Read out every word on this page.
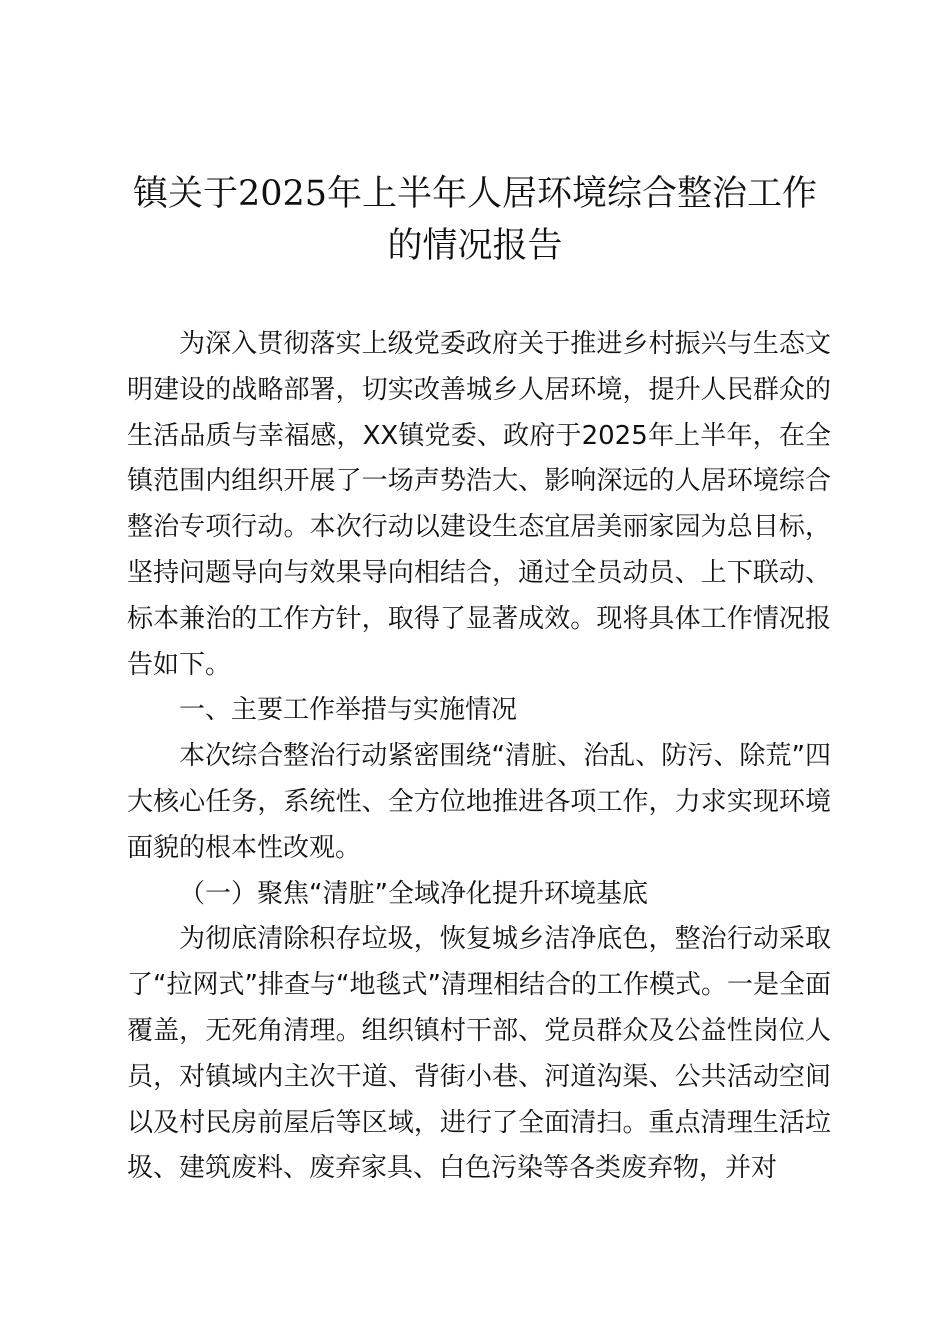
镇关于2025年上半年人居环境综合整治工作
的情况报告

为深入贯彻落实上级党委政府关于推进乡村振兴与生态文明建设的战略部署，切实改善城乡人居环境，提升人民群众的生活品质与幸福感，XX镇党委、政府于2025年上半年，在全镇范围内组织开展了一场声势浩大、影响深远的人居环境综合整治专项行动。本次行动以建设生态宜居美丽家园为总目标，坚持问题导向与效果导向相结合，通过全员动员、上下联动、标本兼治的工作方针，取得了显著成效。现将具体工作情况报告如下。

一、主要工作举措与实施情况

本次综合整治行动紧密围绕“清脏、治乱、防污、除荒”四大核心任务，系统性、全方位地推进各项工作，力求实现环境面貌的根本性改观。

（一）聚焦“清脏”全域净化提升环境基底

为彻底清除积存垃圾，恢复城乡洁净底色，整治行动采取了“拉网式”排查与“地毯式”清理相结合的工作模式。一是全面覆盖，无死角清理。组织镇村干部、党员群众及公益性岗位人员，对镇域内主次干道、背街小巷、河道沟渠、公共活动空间以及村民房前屋后等区域，进行了全面清扫。重点清理生活垃圾、建筑废料、废弃家具、白色污染等各类废弃物，并对
